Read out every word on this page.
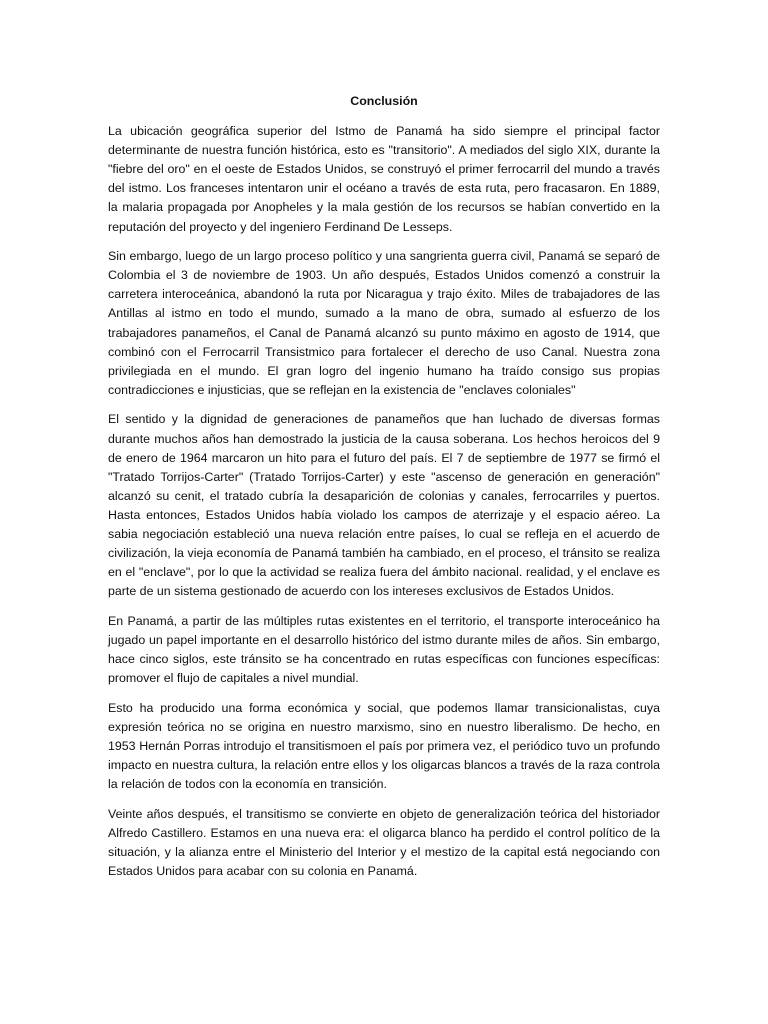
Conclusión

La ubicación geográfica superior del Istmo de Panamá ha sido siempre el principal factor determinante de nuestra función histórica, esto es "transitorio". A mediados del siglo XIX, durante la "fiebre del oro" en el oeste de Estados Unidos, se construyó el primer ferrocarril del mundo a través del istmo. Los franceses intentaron unir el océano a través de esta ruta, pero fracasaron. En 1889, la malaria propagada por Anopheles y la mala gestión de los recursos se habían convertido en la reputación del proyecto y del ingeniero Ferdinand De Lesseps.

Sin embargo, luego de un largo proceso político y una sangrienta guerra civil, Panamá se separó de Colombia el 3 de noviembre de 1903. Un año después, Estados Unidos comenzó a construir la carretera interoceánica, abandonó la ruta por Nicaragua y trajo éxito. Miles de trabajadores de las Antillas al istmo en todo el mundo, sumado a la mano de obra, sumado al esfuerzo de los trabajadores panameños, el Canal de Panamá alcanzó su punto máximo en agosto de 1914, que combinó con el Ferrocarril Transistmico para fortalecer el derecho de uso Canal. Nuestra zona privilegiada en el mundo. El gran logro del ingenio humano ha traído consigo sus propias contradicciones e injusticias, que se reflejan en la existencia de "enclaves coloniales"

El sentido y la dignidad de generaciones de panameños que han luchado de diversas formas durante muchos años han demostrado la justicia de la causa soberana. Los hechos heroicos del 9 de enero de 1964 marcaron un hito para el futuro del país. El 7 de septiembre de 1977 se firmó el "Tratado Torrijos-Carter" (Tratado Torrijos-Carter) y este "ascenso de generación en generación" alcanzó su cenit, el tratado cubría la desaparición de colonias y canales, ferrocarriles y puertos. Hasta entonces, Estados Unidos había violado los campos de aterrizaje y el espacio aéreo. La sabia negociación estableció una nueva relación entre países, lo cual se refleja en el acuerdo de civilización, la vieja economía de Panamá también ha cambiado, en el proceso, el tránsito se realiza en el "enclave", por lo que la actividad se realiza fuera del ámbito nacional. realidad, y el enclave es parte de un sistema gestionado de acuerdo con los intereses exclusivos de Estados Unidos.

En Panamá, a partir de las múltiples rutas existentes en el territorio, el transporte interoceánico ha jugado un papel importante en el desarrollo histórico del istmo durante miles de años. Sin embargo, hace cinco siglos, este tránsito se ha concentrado en rutas específicas con funciones específicas: promover el flujo de capitales a nivel mundial.

Esto ha producido una forma económica y social, que podemos llamar transicionalistas, cuya expresión teórica no se origina en nuestro marxismo, sino en nuestro liberalismo. De hecho, en 1953 Hernán Porras introdujo el transitismoen el país por primera vez, el periódico tuvo un profundo impacto en nuestra cultura, la relación entre ellos y los oligarcas blancos a través de la raza controla la relación de todos con la economía en transición.

Veinte años después, el transitismo se convierte en objeto de generalización teórica del historiador Alfredo Castillero. Estamos en una nueva era: el oligarca blanco ha perdido el control político de la situación, y la alianza entre el Ministerio del Interior y el mestizo de la capital está negociando con Estados Unidos para acabar con su colonia en Panamá.
